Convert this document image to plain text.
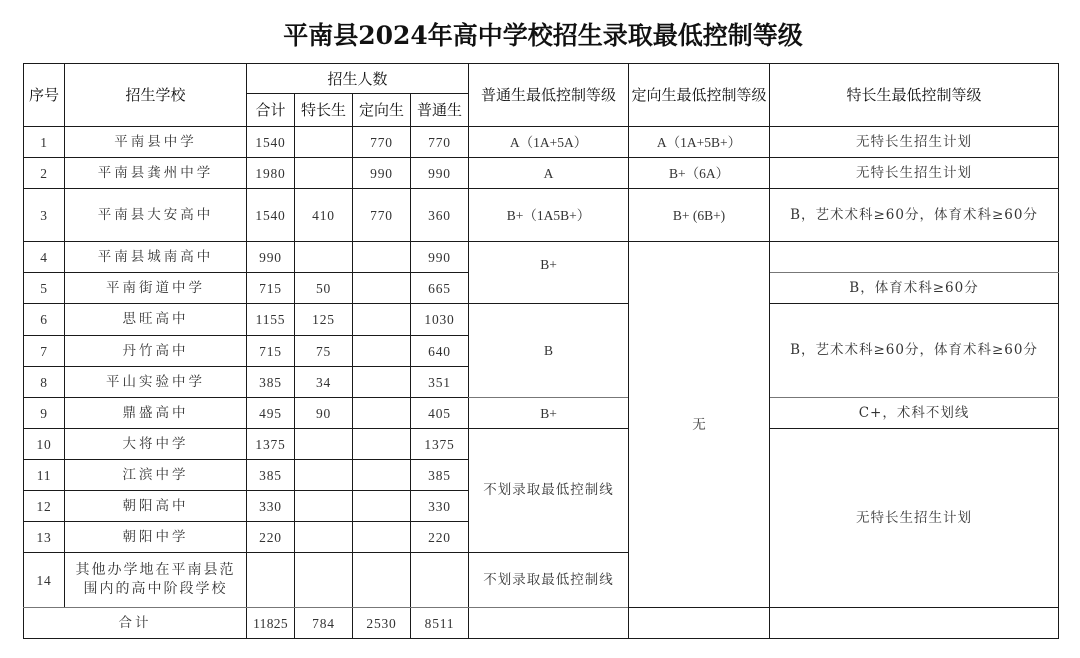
平南县2024年高中学校招生录取最低控制等级
序号	招生学校	招生人数				普通生最低控制等级	定向生最低控制等级	特长生最低控制等级
		合计	特长生	定向生	普通生			
1	平南县中学	1540		770	770	A（1A+5A）	A（1A+5B+）	无特长生招生计划
2	平南县龚州中学	1980		990	990	A	B+（6A）	无特长生招生计划
3	平南县大安高中	1540	410	770	360	B+（1A5B+）	B+ (6B+)	B，艺术术科≥60分，体育术科≥60分
4	平南县城南高中	990			990	B+	无	
5	平南街道中学	715	50		665			B，体育术科≥60分
6	思旺高中	1155	125		1030	B		B，艺术术科≥60分，体育术科≥60分
7	丹竹高中	715	75		640			
8	平山实验中学	385	34		351			
9	鼎盛高中	495	90		405	B+		C+，术科不划线
10	大将中学	1375			1375	不划录取最低控制线		无特长生招生计划
11	江滨中学	385			385			
12	朝阳高中	330			330			
13	朝阳中学	220			220			
14	其他办学地在平南县范围内的高中阶段学校					不划录取最低控制线		
合计		11825	784	2530	8511			
